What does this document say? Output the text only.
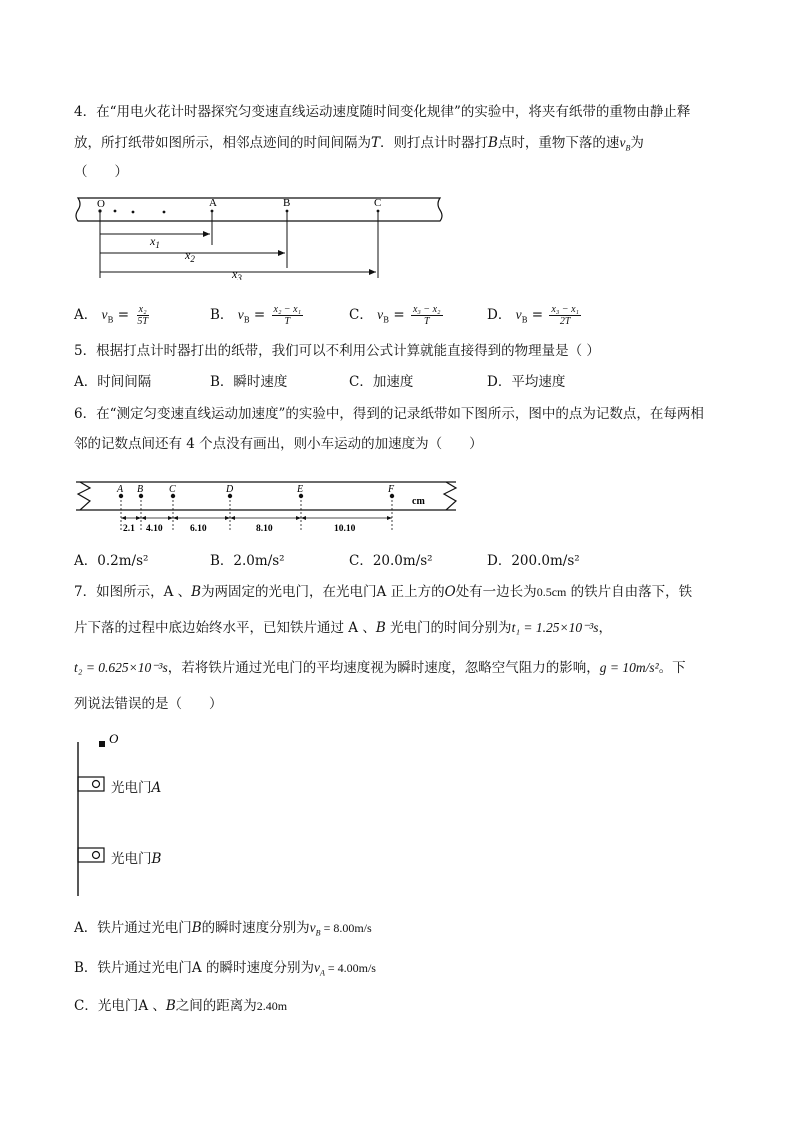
4．在“用电火花计时器探究匀变速直线运动速度随时间变化规律”的实验中，将夹有纸带的重物由静止释
放，所打纸带如图所示，相邻点迹间的时间间隔为T．则打点计时器打B点时，重物下落的速$v_B$为
（　　）
O	A	B	C
$x_1$
$x_2$
$x_3$
A． $v_B = \frac{\text{x₂}}{5T}$	B． $v_B = \frac{\text{x₂ − x₁}}{T}$	C． $v_B = \frac{\text{x₃ − x₂}}{T}$	D． $v_B = \frac{\text{x₃ − x₁}}{2T}$
5．根据打点计时器打出的纸带，我们可以不利用公式计算就能直接得到的物理量是（ ）
A．时间间隔	B．瞬时速度	C．加速度	D．平均速度
6．在“测定匀变速直线运动加速度”的实验中，得到的记录纸带如下图所示，图中的点为记数点，在每两相
邻的记数点间还有 4 个点没有画出，则小车运动的加速度为（　　）
A B	C	D	E	F
cm
2.1 4.10	6.10	8.10	10.10
A．0.2m/s²	B．2.0m/s²	C．20.0m/s²	D．200.0m/s²
7．如图所示，A 、B为两固定的光电门，在光电门A 正上方的O处有一边长为0.5cm 的铁片自由落下，铁
片下落的过程中底边始终水平，已知铁片通过 A 、B 光电门的时间分别为t₁ = 1.25×10⁻³s，
t₂ = 0.625×10⁻³s，若将铁片通过光电门的平均速度视为瞬时速度，忽略空气阻力的影响，g = 10m/s²。下
列说法错误的是（　　）
O
光电门A
光电门B
A．铁片通过光电门B的瞬时速度分别为$v_B = 8.00m/s$
B．铁片通过光电门A 的瞬时速度分别为$v_A = 4.00m/s$
C．光电门A 、B之间的距离为2.40m
